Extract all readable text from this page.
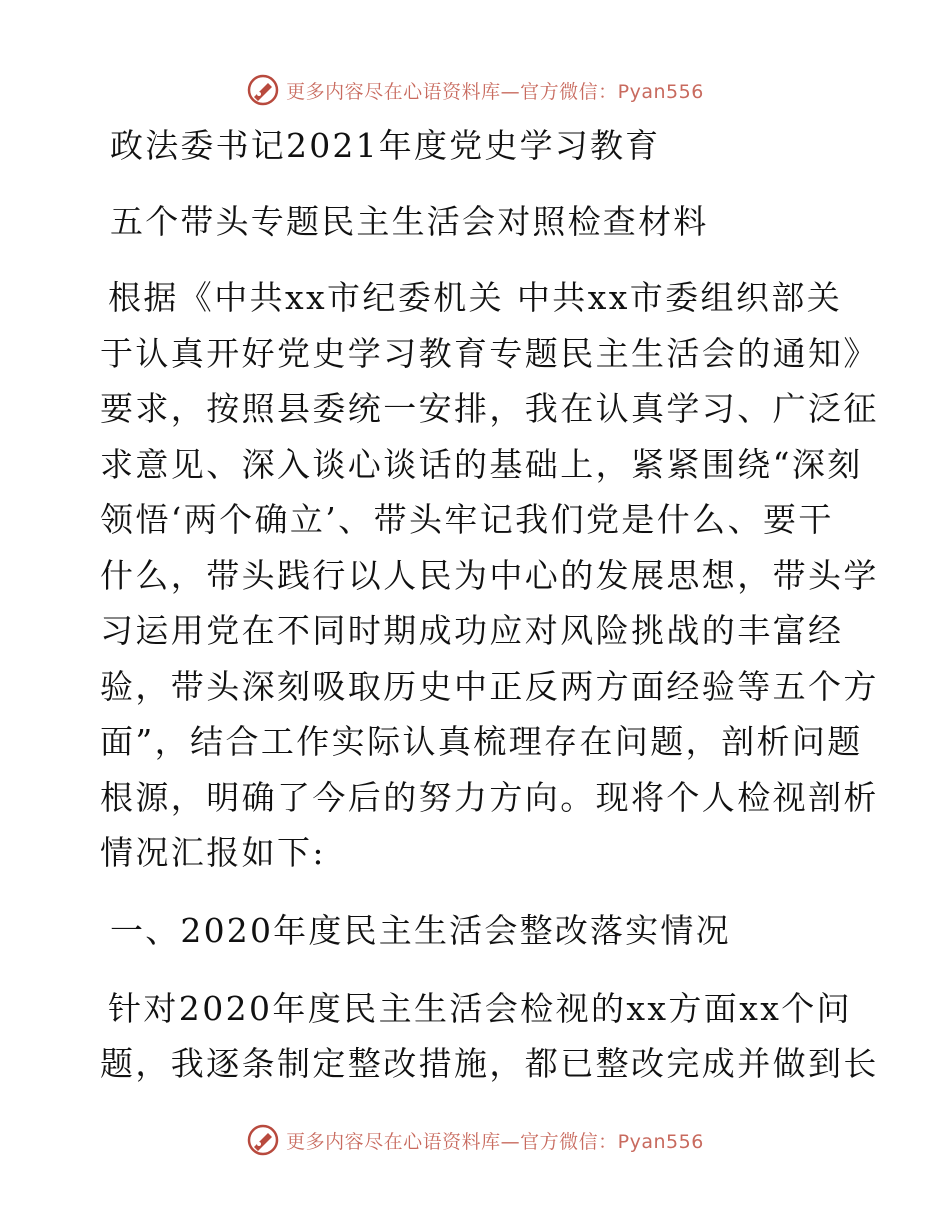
更多内容尽在心语资料库—官方微信：Pyan556
政法委书记2021年度党史学习教育
五个带头专题民主生活会对照检查材料
根据《中共xx市纪委机关 中共xx市委组织部关
于认真开好党史学习教育专题民主生活会的通知》
要求，按照县委统一安排，我在认真学习、广泛征
求意见、深入谈心谈话的基础上，紧紧围绕“深刻
领悟‘两个确立’、带头牢记我们党是什么、要干
什么，带头践行以人民为中心的发展思想，带头学
习运用党在不同时期成功应对风险挑战的丰富经
验，带头深刻吸取历史中正反两方面经验等五个方
面”，结合工作实际认真梳理存在问题，剖析问题
根源，明确了今后的努力方向。现将个人检视剖析
情况汇报如下:
一、2020年度民主生活会整改落实情况
针对2020年度民主生活会检视的xx方面xx个问
题，我逐条制定整改措施，都已整改完成并做到长
更多内容尽在心语资料库—官方微信：Pyan556
